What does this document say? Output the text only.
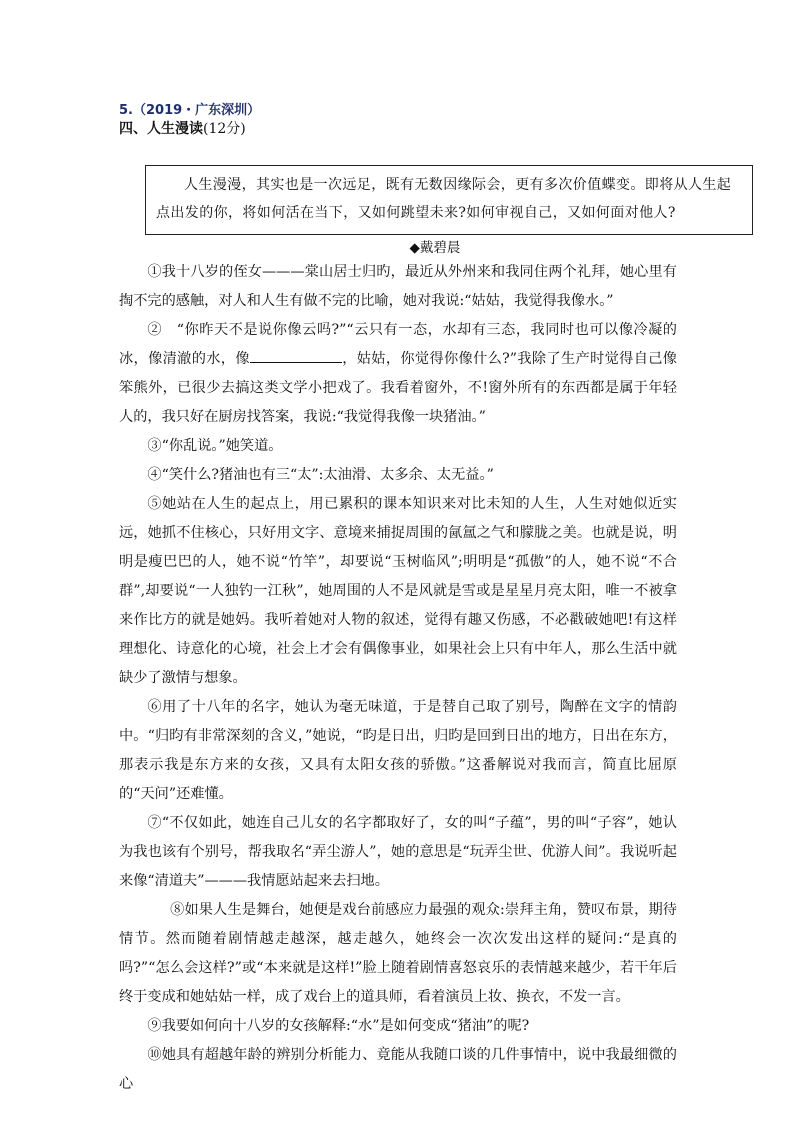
5.（2019・广东深圳）
四、人生漫读(12分)

人生漫漫，其实也是一次远足，既有无数因缘际会，更有多次价值蝶变。即将从人生起点出发的你，将如何活在当下，又如何跳望未来?如何审视自己，又如何面对他人?

◆戴碧晨

①我十八岁的侄女———棠山居士归旳，最近从外州来和我同住两个礼拜，她心里有掏不完的感触，对人和人生有做不完的比喻，她对我说:“姑姑，我觉得我像水。”

②　“你昨天不是说你像云吗?”“云只有一态，水却有三态，我同时也可以像冷凝的冰，像清澈的水，像	，姑姑，你觉得你像什么?”我除了生产时觉得自己像笨熊外，已很少去搞这类文学小把戏了。我看着窗外，不!窗外所有的东西都是属于年轻人的，我只好在厨房找答案，我说:“我觉得我像一块猪油。”

③“你乱说。”她笑道。

④“笑什么?猪油也有三“太”:太油滑、太多余、太无益。”

⑤她站在人生的起点上，用已累积的课本知识来对比未知的人生，人生对她似近实远，她抓不住核心，只好用文字、意境来捕捉周围的氤氲之气和朦胧之美。也就是说，明明是瘦巴巴的人，她不说“竹竿”，却要说“玉树临风”;明明是“孤傲”的人，她不说“不合群”,却要说“一人独钓一江秋”，她周围的人不是风就是雪或是星星月亮太阳，唯一不被拿来作比方的就是她妈。我听着她对人物的叙述，觉得有趣又伤感，不必戳破她吧!有这样理想化、诗意化的心境，社会上才会有偶像事业，如果社会上只有中年人，那么生活中就缺少了激情与想象。

⑥用了十八年的名字，她认为毫无味道，于是替自己取了别号，陶醉在文字的情韵中。“归昀有非常深刻的含义，”她说，“昀是日出，归昀是回到日出的地方，日出在东方，那表示我是东方来的女孩，又具有太阳女孩的骄傲。”这番解说对我而言，简直比屈原的“天问”还难懂。

⑦“不仅如此，她连自己儿女的名字都取好了，女的叫“子蕴”，男的叫“子容”，她认为我也该有个别号，帮我取名“弄尘游人”，她的意思是“玩弄尘世、优游人间”。我说听起来像“清道夫”———我情愿站起来去扫地。

⑧如果人生是舞台，她便是戏台前感应力最强的观众:崇拜主角，赞叹布景，期待情节。然而随着剧情越走越深，越走越久，她终会一次次发出这样的疑问:“是真的吗?”“怎么会这样?”或“本来就是这样!”脸上随着剧情喜怒哀乐的表情越来越少，若干年后终于变成和她姑姑一样，成了戏台上的道具师，看着演员上妆、换衣，不发一言。

⑨我要如何向十八岁的女孩解释:“水”是如何变成“猪油”的呢?

⑩她具有超越年龄的辨别分析能力、竟能从我随口谈的几件事情中，说中我最细微的心
